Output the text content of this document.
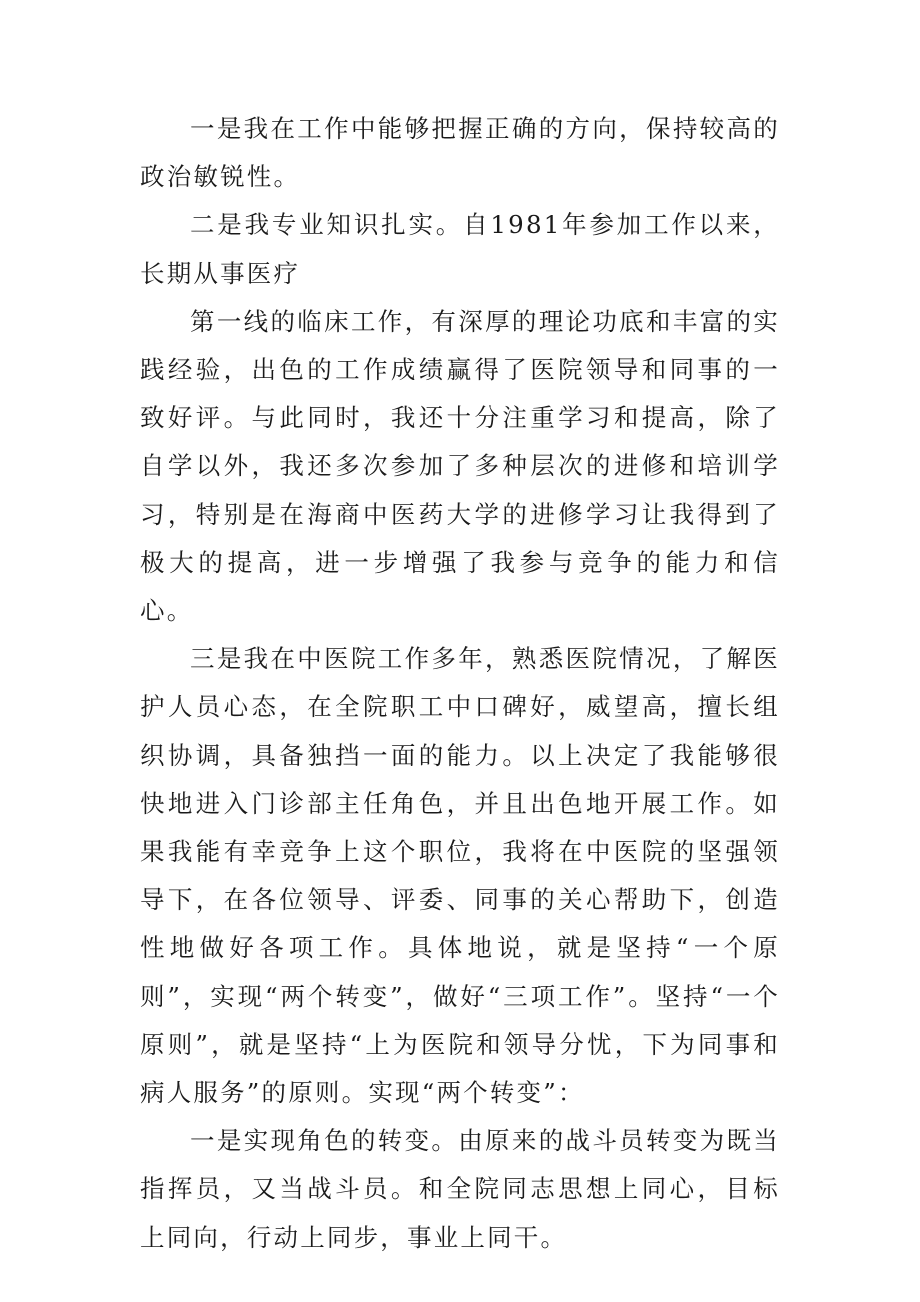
一是我在工作中能够把握正确的方向，保持较高的政治敏锐性。

二是我专业知识扎实。自1981年参加工作以来，长期从事医疗

第一线的临床工作，有深厚的理论功底和丰富的实践经验，出色的工作成绩赢得了医院领导和同事的一致好评。与此同时，我还十分注重学习和提高，除了自学以外，我还多次参加了多种层次的进修和培训学习，特别是在海商中医药大学的进修学习让我得到了极大的提高，进一步增强了我参与竞争的能力和信心。

三是我在中医院工作多年，熟悉医院情况，了解医护人员心态，在全院职工中口碑好，威望高，擅长组织协调，具备独挡一面的能力。以上决定了我能够很快地进入门诊部主任角色，并且出色地开展工作。如果我能有幸竞争上这个职位，我将在中医院的坚强领导下，在各位领导、评委、同事的关心帮助下，创造性地做好各项工作。具体地说，就是坚持“一个原则”，实现“两个转变”，做好“三项工作”。坚持“一个原则”，就是坚持“上为医院和领导分忧，下为同事和病人服务”的原则。实现“两个转变”：

一是实现角色的转变。由原来的战斗员转变为既当指挥员，又当战斗员。和全院同志思想上同心，目标上同向，行动上同步，事业上同干。
